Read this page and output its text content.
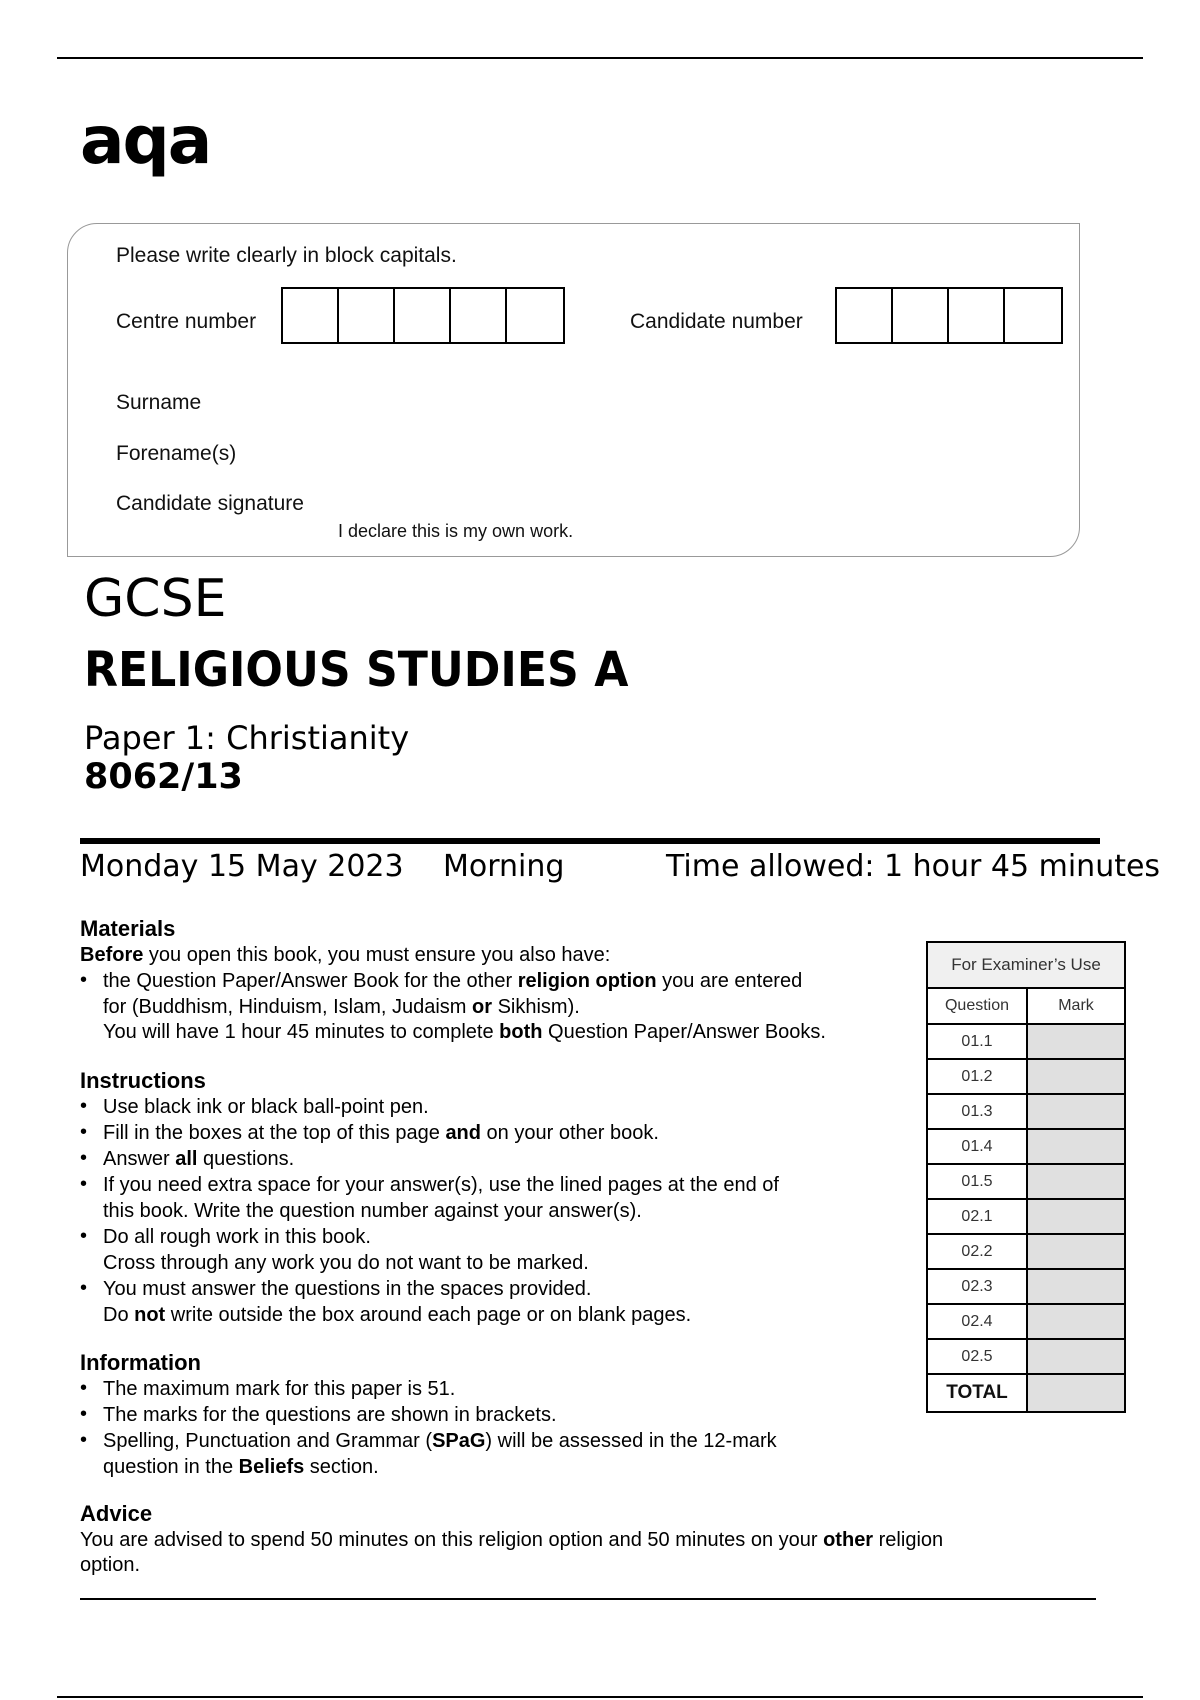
aqa
Please write clearly in block capitals.
Centre number	Candidate number
Surname
Forename(s)
Candidate signature
I declare this is my own work.
GCSE
RELIGIOUS STUDIES A
Paper 1: Christianity
8062/13
Monday 15 May 2023 Morning	Time allowed: 1 hour 45 minutes
Materials
Before you open this book, you must ensure you also have:
• the Question Paper/Answer Book for the other religion option you are entered
for (Buddhism, Hinduism, Islam, Judaism or Sikhism).
You will have 1 hour 45 minutes to complete both Question Paper/Answer Books.
Instructions
• Use black ink or black ball-point pen.
• Fill in the boxes at the top of this page and on your other book.
• Answer all questions.
• If you need extra space for your answer(s), use the lined pages at the end of
this book. Write the question number against your answer(s).
• Do all rough work in this book.
Cross through any work you do not want to be marked.
• You must answer the questions in the spaces provided.
Do not write outside the box around each page or on blank pages.
Information
• The maximum mark for this paper is 51.
• The marks for the questions are shown in brackets.
• Spelling, Punctuation and Grammar (SPaG) will be assessed in the 12-mark
question in the Beliefs section.
Advice
You are advised to spend 50 minutes on this religion option and 50 minutes on your other religion
option.
For Examiner’s Use
Question	Mark
01.1
01.2
01.3
01.4
01.5
02.1
02.2
02.3
02.4
02.5
TOTAL
